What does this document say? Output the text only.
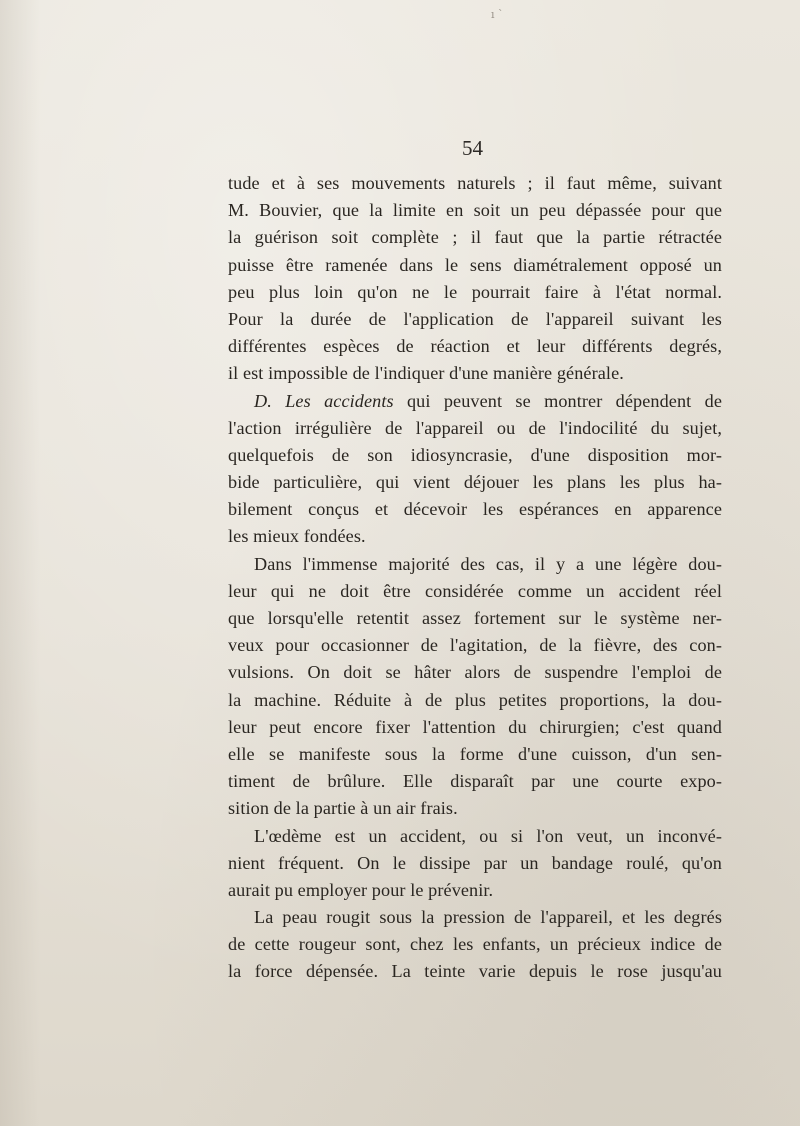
ı `
54
tude et à ses mouvements naturels ; il faut même, suivant
M. Bouvier, que la limite en soit un peu dépassée pour que
la guérison soit complète ; il faut que la partie rétractée
puisse être ramenée dans le sens diamétralement opposé un
peu plus loin qu'on ne le pourrait faire à l'état normal.
Pour la durée de l'application de l'appareil suivant les
différentes espèces de réaction et leur différents degrés,
il est impossible de l'indiquer d'une manière générale.
D. Les accidents qui peuvent se montrer dépendent de
l'action irrégulière de l'appareil ou de l'indocilité du sujet,
quelquefois de son idiosyncrasie, d'une disposition mor-
bide particulière, qui vient déjouer les plans les plus ha-
bilement conçus et décevoir les espérances en apparence
les mieux fondées.
Dans l'immense majorité des cas, il y a une légère dou-
leur qui ne doit être considérée comme un accident réel
que lorsqu'elle retentit assez fortement sur le système ner-
veux pour occasionner de l'agitation, de la fièvre, des con-
vulsions. On doit se hâter alors de suspendre l'emploi de
la machine. Réduite à de plus petites proportions, la dou-
leur peut encore fixer l'attention du chirurgien; c'est quand
elle se manifeste sous la forme d'une cuisson, d'un sen-
timent de brûlure. Elle disparaît par une courte expo-
sition de la partie à un air frais.
L'œdème est un accident, ou si l'on veut, un inconvé-
nient fréquent. On le dissipe par un bandage roulé, qu'on
aurait pu employer pour le prévenir.
La peau rougit sous la pression de l'appareil, et les degrés
de cette rougeur sont, chez les enfants, un précieux indice de
la force dépensée. La teinte varie depuis le rose jusqu'au
